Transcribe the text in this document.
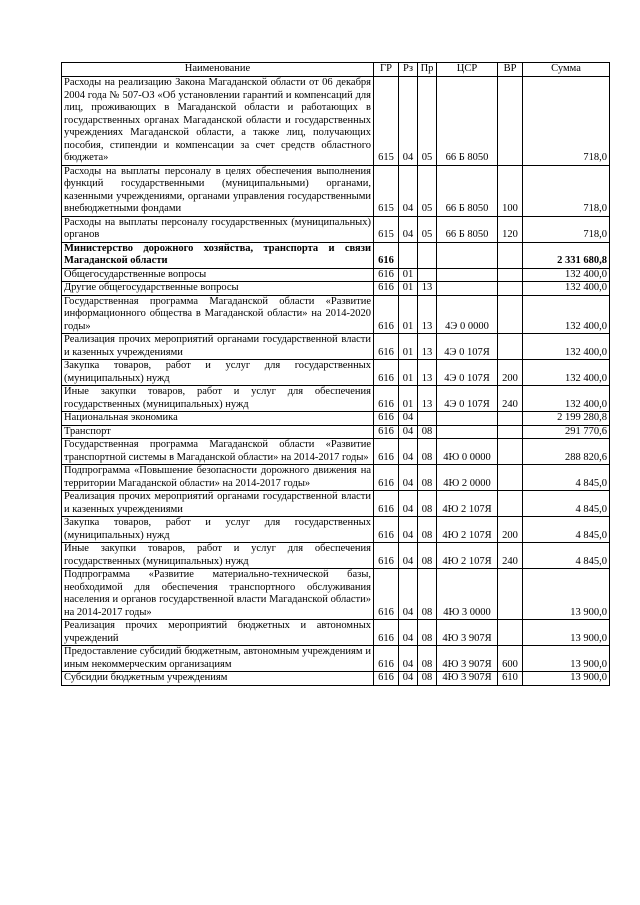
Наименование	ГР	Рз	Пр	ЦСР	ВР	Сумма
Расходы на реализацию Закона Магаданской области от 06 декабря 2004 года № 507-ОЗ «Об установлении гарантий и компенсаций для лиц, проживающих в Магаданской области и работающих в государственных органах Магаданской области и государственных учреждениях Магаданской области, а также лиц, получающих пособия, стипендии и компенсации за счет средств областного бюджета»	615	04	05	66 Б 8050		718,0
Расходы на выплаты персоналу в целях обеспечения выполнения функций государственными (муниципальными) органами, казенными учреждениями, органами управления государственными внебюджетными фондами	615	04	05	66 Б 8050	100	718,0
Расходы на выплаты персоналу государственных (муниципальных) органов	615	04	05	66 Б 8050	120	718,0
Министерство дорожного хозяйства, транспорта и связи Магаданской области	616					2 331 680,8
Общегосударственные вопросы	616	01				132 400,0
Другие общегосударственные вопросы	616	01	13			132 400,0
Государственная программа Магаданской области «Развитие информационного общества в Магаданской области» на 2014-2020 годы»	616	01	13	4Э 0 0000		132 400,0
Реализация прочих мероприятий органами государственной власти и казенных учреждениями	616	01	13	4Э 0 107Я		132 400,0
Закупка товаров, работ и услуг для государственных (муниципальных) нужд	616	01	13	4Э 0 107Я	200	132 400,0
Иные закупки товаров, работ и услуг для обеспечения государственных (муниципальных) нужд	616	01	13	4Э 0 107Я	240	132 400,0
Национальная экономика	616	04				2 199 280,8
Транспорт	616	04	08			291 770,6
Государственная программа Магаданской области «Развитие транспортной системы в Магаданской области» на 2014-2017 годы»	616	04	08	4Ю 0 0000		288 820,6
Подпрограмма «Повышение безопасности дорожного движения на территории Магаданской области» на 2014-2017 годы»	616	04	08	4Ю 2 0000		4 845,0
Реализация прочих мероприятий органами государственной власти и казенных учреждениями	616	04	08	4Ю 2 107Я		4 845,0
Закупка товаров, работ и услуг для государственных (муниципальных) нужд	616	04	08	4Ю 2 107Я	200	4 845,0
Иные закупки товаров, работ и услуг для обеспечения государственных (муниципальных) нужд	616	04	08	4Ю 2 107Я	240	4 845,0
Подпрограмма «Развитие материально-технической базы, необходимой для обеспечения транспортного обслуживания населения и органов государственной власти Магаданской области» на 2014-2017 годы»	616	04	08	4Ю 3 0000		13 900,0
Реализация прочих мероприятий бюджетных и автономных учреждений	616	04	08	4Ю 3 907Я		13 900,0
Предоставление субсидий бюджетным, автономным учреждениям и иным некоммерческим организациям	616	04	08	4Ю 3 907Я	600	13 900,0
Субсидии бюджетным учреждениям	616	04	08	4Ю 3 907Я	610	13 900,0
